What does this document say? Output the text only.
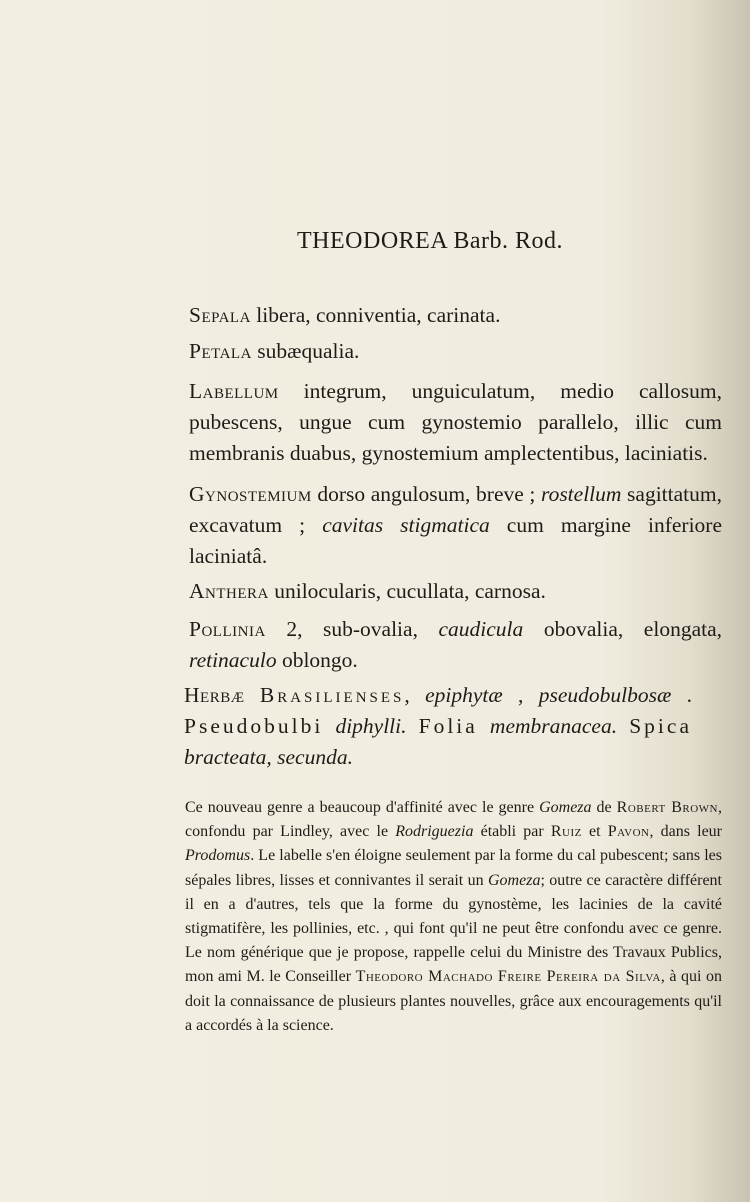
THEODOREA Barb. Rod.
Sepala libera, conniventia, carinata.
Petala subæqualia.
Labellum integrum, unguiculatum, medio callosum, pubescens, ungue cum gynostemio parallelo, illic cum membranis duabus, gynostemium amplectentibus, laciniatis.
Gynostemium dorso angulosum, breve ; rostellum sagittatum, excavatum ; cavitas stigmatica cum margine inferiore laciniatâ.
Anthera unilocularis, cucullata, carnosa.
Pollinia 2, sub-ovalia, caudicula obovalia, elongata, retinaculo oblongo.
Herbæ Brasilienses, epiphytæ , pseudobulbosæ . Pseudobulbi diphylli. Folia membranacea. Spica bracteata, secunda.
Ce nouveau genre a beaucoup d'affinité avec le genre Gomeza de Robert Brown, confondu par Lindley, avec le Rodriguezia établi par Ruiz et Pavon, dans leur Prodomus. Le labelle s'en éloigne seulement par la forme du cal pubescent; sans les sépales libres, lisses et connivantes il serait un Gomeza; outre ce caractère différent il en a d'autres, tels que la forme du gynostème, les lacinies de la cavité stigmatifère, les pollinies, etc. , qui font qu'il ne peut être confondu avec ce genre. Le nom générique que je propose, rappelle celui du Ministre des Travaux Publics, mon ami M. le Conseiller Theodoro Machado Freire Pereira da Silva, à qui on doit la connaissance de plusieurs plantes nouvelles, grâce aux encouragements qu'il a accordés à la science.
